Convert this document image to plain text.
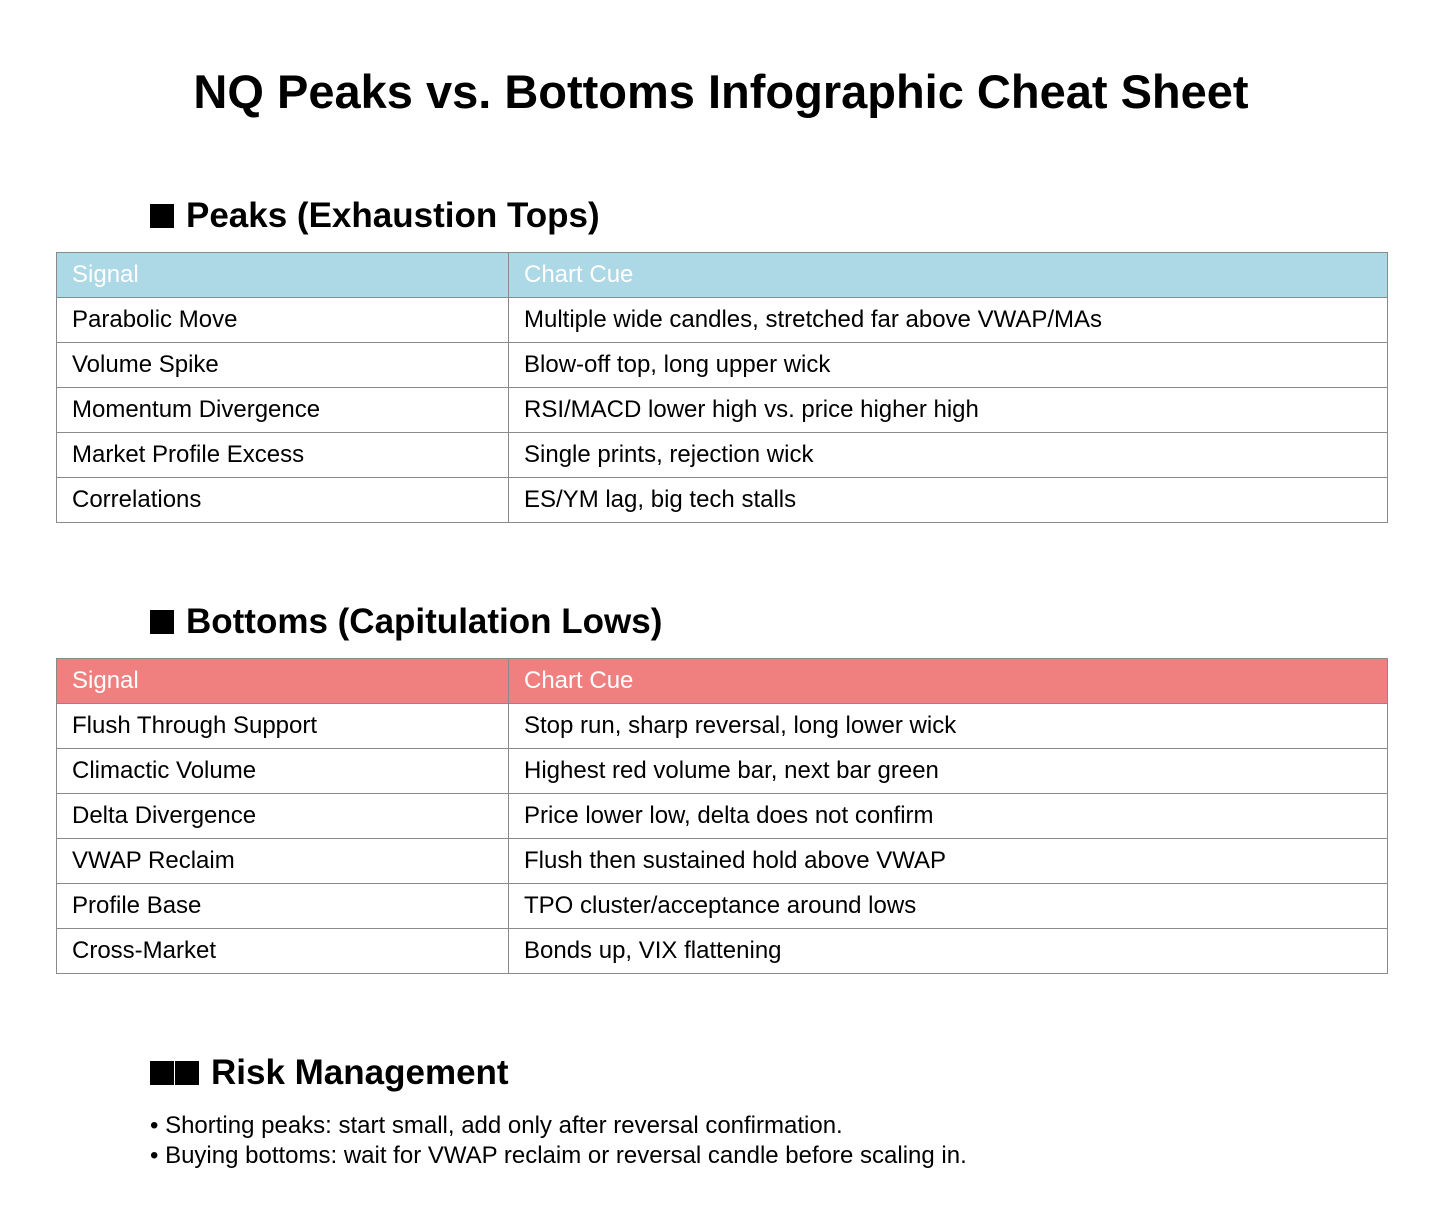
NQ Peaks vs. Bottoms Infographic Cheat Sheet
Peaks (Exhaustion Tops)
Signal	Chart Cue
Parabolic Move	Multiple wide candles, stretched far above VWAP/MAs
Volume Spike	Blow-off top, long upper wick
Momentum Divergence	RSI/MACD lower high vs. price higher high
Market Profile Excess	Single prints, rejection wick
Correlations	ES/YM lag, big tech stalls
Bottoms (Capitulation Lows)
Signal	Chart Cue
Flush Through Support	Stop run, sharp reversal, long lower wick
Climactic Volume	Highest red volume bar, next bar green
Delta Divergence	Price lower low, delta does not confirm
VWAP Reclaim	Flush then sustained hold above VWAP
Profile Base	TPO cluster/acceptance around lows
Cross-Market	Bonds up, VIX flattening
Risk Management
• Shorting peaks: start small, add only after reversal confirmation.
• Buying bottoms: wait for VWAP reclaim or reversal candle before scaling in.
